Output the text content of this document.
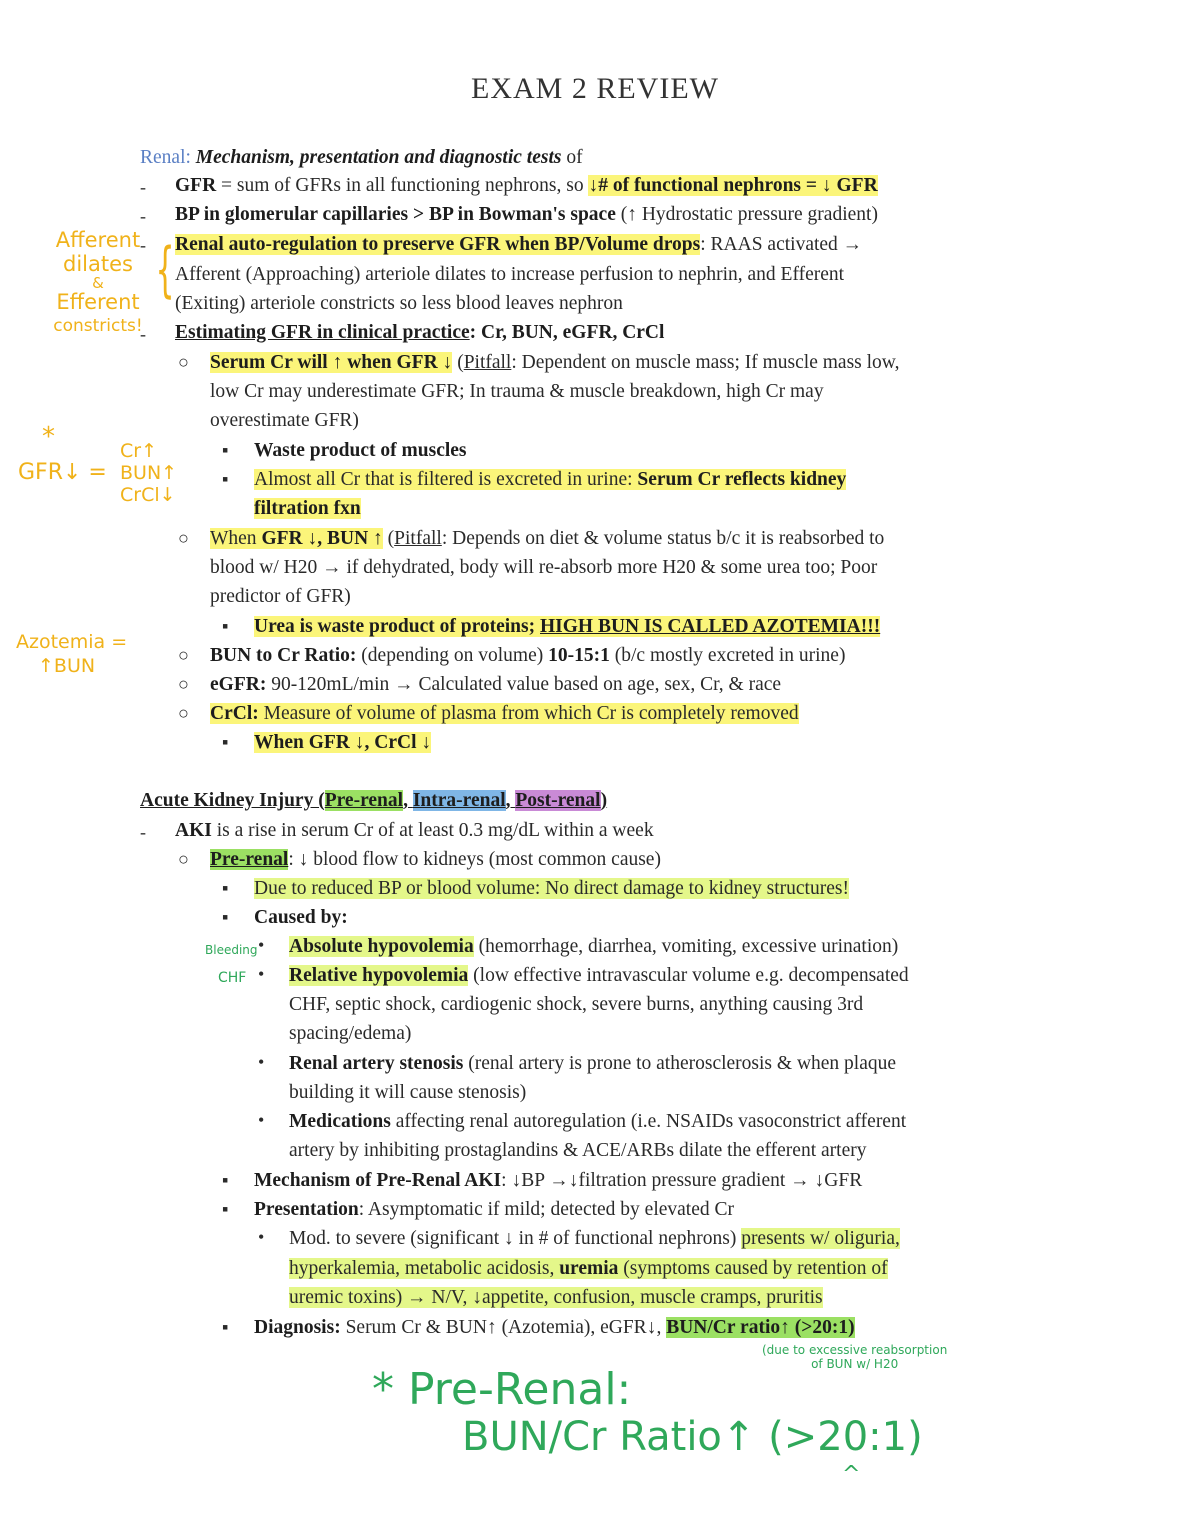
EXAM 2 REVIEW
Renal: Mechanism, presentation and diagnostic tests of
-	GFR = sum of GFRs in all functioning nephrons, so ↓# of functional nephrons = ↓ GFR
-	BP in glomerular capillaries > BP in Bowman's space (↑ Hydrostatic pressure gradient)
-	Renal auto-regulation to preserve GFR when BP/Volume drops: RAAS activated →
Afferent (Approaching) arteriole dilates to increase perfusion to nephrin, and Efferent
(Exiting) arteriole constricts so less blood leaves nephron
-	Estimating GFR in clinical practice: Cr, BUN, eGFR, CrCl
○	Serum Cr will ↑ when GFR ↓ (Pitfall: Dependent on muscle mass; If muscle mass low,
low Cr may underestimate GFR; In trauma & muscle breakdown, high Cr may
overestimate GFR)
▪	Waste product of muscles
▪	Almost all Cr that is filtered is excreted in urine: Serum Cr reflects kidney
filtration fxn
○	When GFR ↓, BUN ↑ (Pitfall: Depends on diet & volume status b/c it is reabsorbed to
blood w/ H20 → if dehydrated, body will re-absorb more H20 & some urea too; Poor
predictor of GFR)
▪	Urea is waste product of proteins; HIGH BUN IS CALLED AZOTEMIA!!!
○	BUN to Cr Ratio: (depending on volume) 10-15:1 (b/c mostly excreted in urine)
○	eGFR: 90-120mL/min → Calculated value based on age, sex, Cr, & race
○	CrCl: Measure of volume of plasma from which Cr is completely removed
▪	When GFR ↓, CrCl ↓
Acute Kidney Injury (Pre-renal, Intra-renal, Post-renal)
-	AKI is a rise in serum Cr of at least 0.3 mg/dL within a week
○	Pre-renal: ↓ blood flow to kidneys (most common cause)
▪	Due to reduced BP or blood volume: No direct damage to kidney structures!
▪	Caused by:
•	Absolute hypovolemia (hemorrhage, diarrhea, vomiting, excessive urination)
•	Relative hypovolemia (low effective intravascular volume e.g. decompensated
CHF, septic shock, cardiogenic shock, severe burns, anything causing 3rd
spacing/edema)
•	Renal artery stenosis (renal artery is prone to atherosclerosis & when plaque
building it will cause stenosis)
•	Medications affecting renal autoregulation (i.e. NSAIDs vasoconstrict afferent
artery by inhibiting prostaglandins & ACE/ARBs dilate the efferent artery
▪	Mechanism of Pre-Renal AKI: ↓BP →↓filtration pressure gradient → ↓GFR
▪	Presentation: Asymptomatic if mild; detected by elevated Cr
•	Mod. to severe (significant ↓ in # of functional nephrons) presents w/ oliguria,
hyperkalemia, metabolic acidosis, uremia (symptoms caused by retention of
uremic toxins) → N/V, ↓appetite, confusion, muscle cramps, pruritis
▪	Diagnosis: Serum Cr & BUN↑ (Azotemia), eGFR↓, BUN/Cr ratio↑ (>20:1)
Afferent
dilates
&
Efferent
constricts!
{
*
GFR↓ =
Cr↑
BUN↑
CrCl↓
Azotemia =
↑BUN
Bleeding
CHF
(due to excessive reabsorption
of BUN w/ H20
* Pre-Renal:
BUN/Cr Ratio↑ (>20:1)
^
